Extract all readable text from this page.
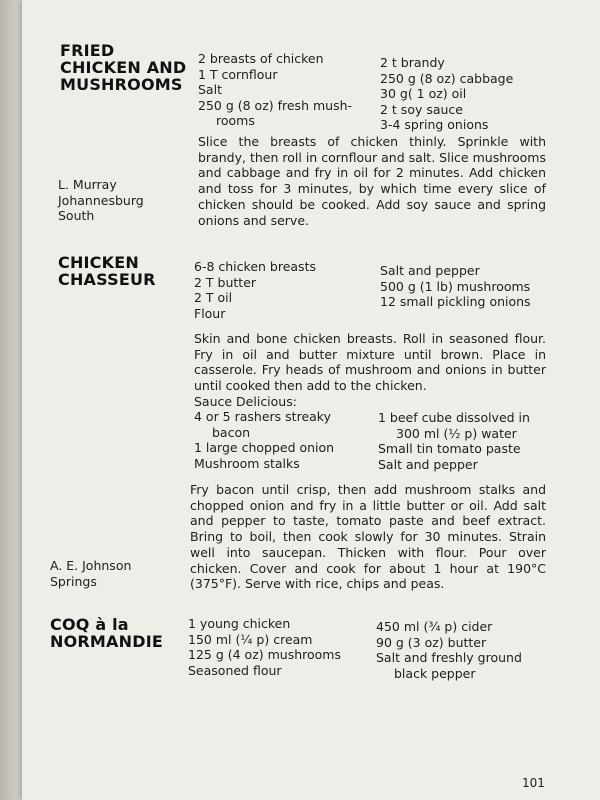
FRIED
CHICKEN AND
MUSHROOMS
2 breasts of chicken
1 T cornflour
Salt
250 g (8 oz) fresh mush-
rooms
2 t brandy
250 g (8 oz) cabbage
30 g( 1 oz) oil
2 t soy sauce
3-4 spring onions
Slice the breasts of chicken thinly. Sprinkle with brandy, then roll in cornflour and salt. Slice mushrooms and cabbage and fry in oil for 2 minutes. Add chicken and toss for 3 minutes, by which time every slice of chicken should be cooked. Add soy sauce and spring onions and serve.
L. Murray
Johannesburg
South
CHICKEN
CHASSEUR
6-8 chicken breasts
2 T butter
2 T oil
Flour
Salt and pepper
500 g (1 lb) mushrooms
12 small pickling onions
Skin and bone chicken breasts. Roll in seasoned flour. Fry in oil and butter mixture until brown. Place in casserole. Fry heads of mushroom and onions in butter until cooked then add to the chicken.
Sauce Delicious:
4 or 5 rashers streaky
bacon
1 large chopped onion
Mushroom stalks
1 beef cube dissolved in
300 ml (½ p) water
Small tin tomato paste
Salt and pepper
Fry bacon until crisp, then add mushroom stalks and chopped onion and fry in a little butter or oil. Add salt and pepper to taste, tomato paste and beef extract. Bring to boil, then cook slowly for 30 minutes. Strain well into saucepan. Thicken with flour. Pour over chicken. Cover and cook for about 1 hour at 190°C (375°F). Serve with rice, chips and peas.
A. E. Johnson
Springs
COQ à la
NORMANDIE
1 young chicken
150 ml (¼ p) cream
125 g (4 oz) mushrooms
Seasoned flour
450 ml (¾ p) cider
90 g (3 oz) butter
Salt and freshly ground
black pepper
101
